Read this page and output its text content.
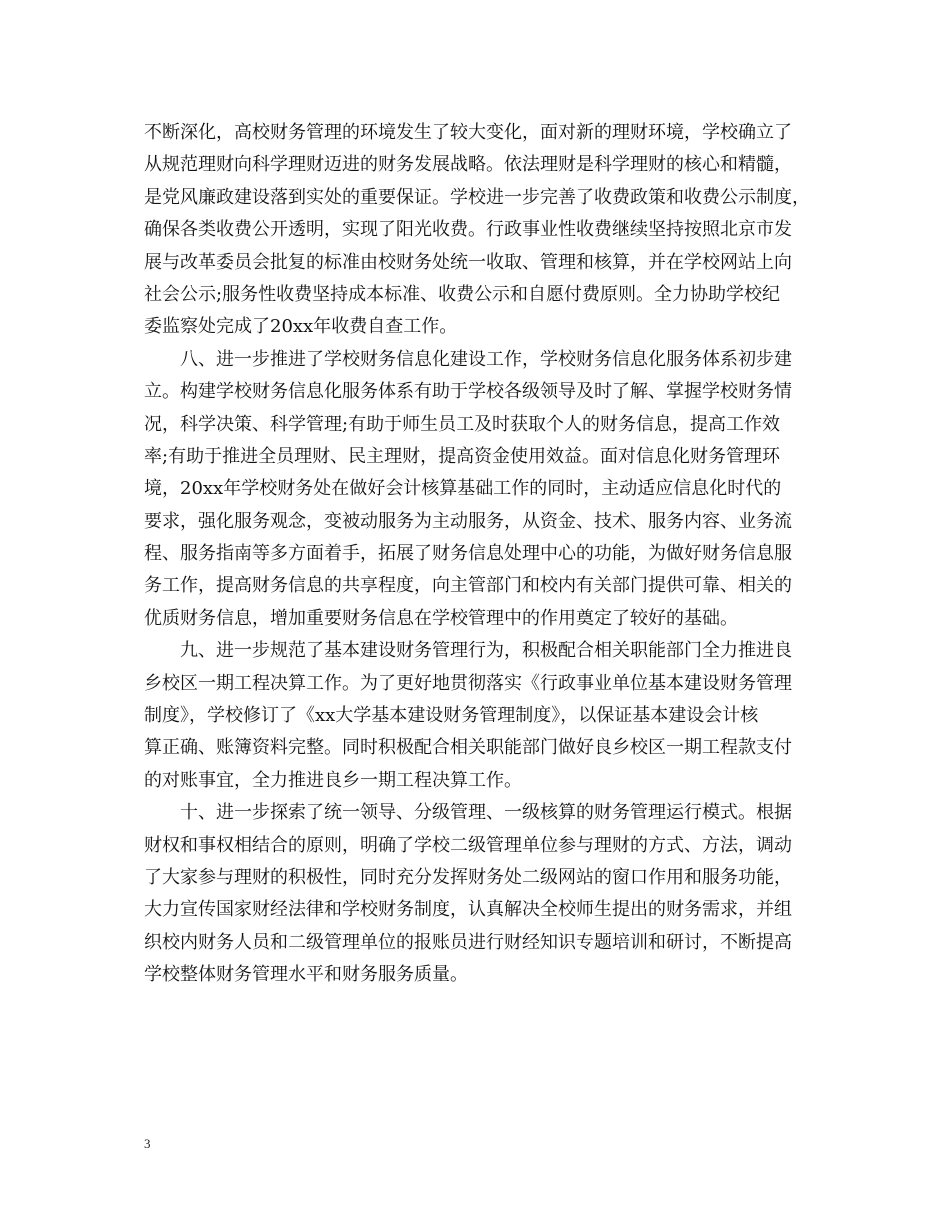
不断深化，高校财务管理的环境发生了较大变化，面对新的理财环境，学校确立了
从规范理财向科学理财迈进的财务发展战略。依法理财是科学理财的核心和精髓，
是党风廉政建设落到实处的重要保证。学校进一步完善了收费政策和收费公示制度，
确保各类收费公开透明，实现了阳光收费。行政事业性收费继续坚持按照北京市发
展与改革委员会批复的标准由校财务处统一收取、管理和核算，并在学校网站上向
社会公示;服务性收费坚持成本标准、收费公示和自愿付费原则。全力协助学校纪
委监察处完成了20xx年收费自查工作。
八、进一步推进了学校财务信息化建设工作，学校财务信息化服务体系初步建
立。构建学校财务信息化服务体系有助于学校各级领导及时了解、掌握学校财务情
况，科学决策、科学管理;有助于师生员工及时获取个人的财务信息，提高工作效
率;有助于推进全员理财、民主理财，提高资金使用效益。面对信息化财务管理环
境，20xx年学校财务处在做好会计核算基础工作的同时，主动适应信息化时代的
要求，强化服务观念，变被动服务为主动服务，从资金、技术、服务内容、业务流
程、服务指南等多方面着手，拓展了财务信息处理中心的功能，为做好财务信息服
务工作，提高财务信息的共享程度，向主管部门和校内有关部门提供可靠、相关的
优质财务信息，增加重要财务信息在学校管理中的作用奠定了较好的基础。
九、进一步规范了基本建设财务管理行为，积极配合相关职能部门全力推进良
乡校区一期工程决算工作。为了更好地贯彻落实《行政事业单位基本建设财务管理
制度》，学校修订了《xx大学基本建设财务管理制度》，以保证基本建设会计核
算正确、账簿资料完整。同时积极配合相关职能部门做好良乡校区一期工程款支付
的对账事宜，全力推进良乡一期工程决算工作。
十、进一步探索了统一领导、分级管理、一级核算的财务管理运行模式。根据
财权和事权相结合的原则，明确了学校二级管理单位参与理财的方式、方法，调动
了大家参与理财的积极性，同时充分发挥财务处二级网站的窗口作用和服务功能，
大力宣传国家财经法律和学校财务制度，认真解决全校师生提出的财务需求，并组
织校内财务人员和二级管理单位的报账员进行财经知识专题培训和研讨，不断提高
学校整体财务管理水平和财务服务质量。
3
